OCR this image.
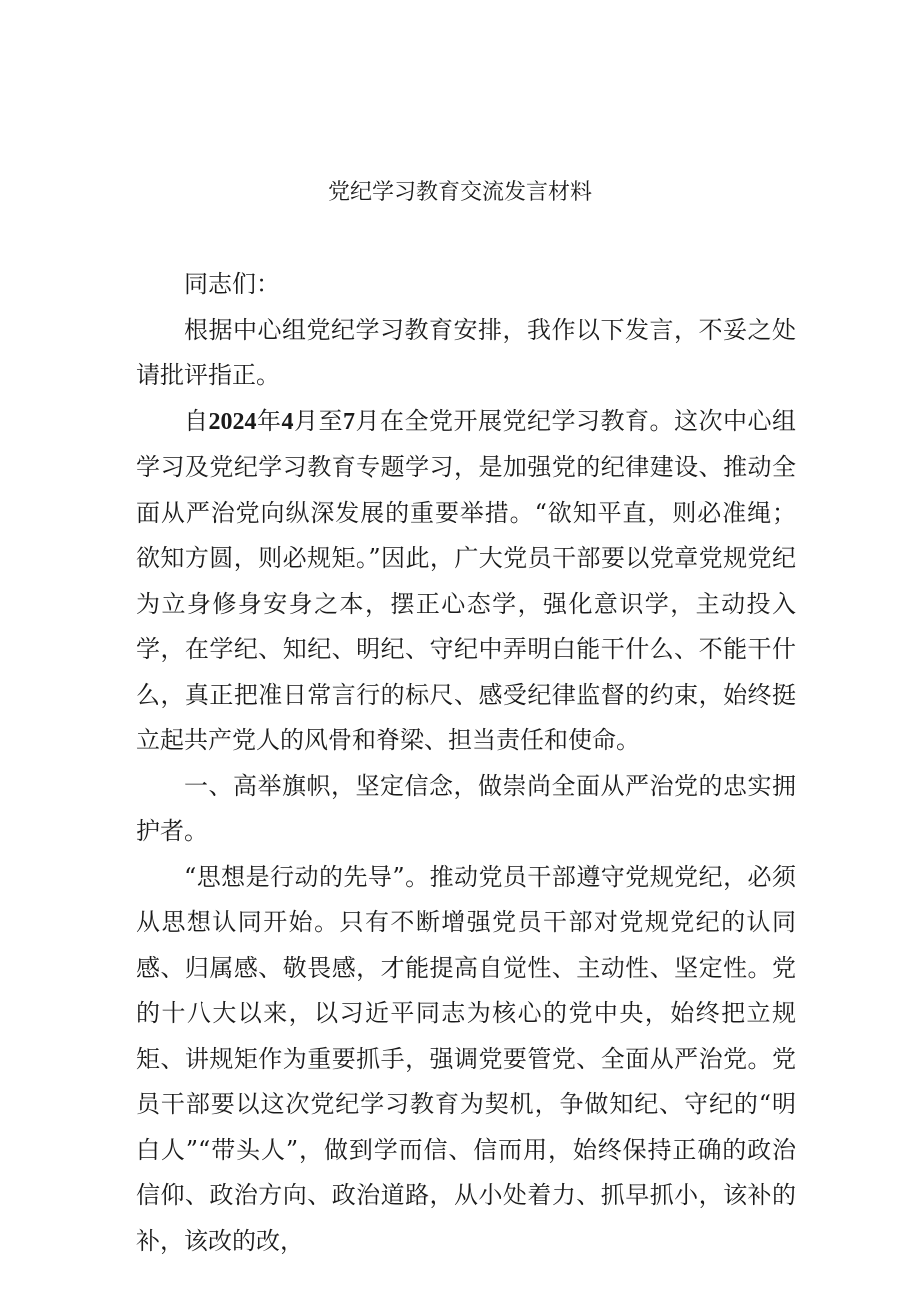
党纪学习教育交流发言材料

同志们：

根据中心组党纪学习教育安排，我作以下发言，不妥之处请批评指正。

自2024年4月至7月在全党开展党纪学习教育。这次中心组学习及党纪学习教育专题学习，是加强党的纪律建设、推动全面从严治党向纵深发展的重要举措。“欲知平直，则必准绳；欲知方圆，则必规矩。”因此，广大党员干部要以党章党规党纪为立身修身安身之本，摆正心态学，强化意识学，主动投入学，在学纪、知纪、明纪、守纪中弄明白能干什么、不能干什么，真正把准日常言行的标尺、感受纪律监督的约束，始终挺立起共产党人的风骨和脊梁、担当责任和使命。

一、高举旗帜，坚定信念，做崇尚全面从严治党的忠实拥护者。

“思想是行动的先导”。推动党员干部遵守党规党纪，必须从思想认同开始。只有不断增强党员干部对党规党纪的认同感、归属感、敬畏感，才能提高自觉性、主动性、坚定性。党的十八大以来，以习近平同志为核心的党中央，始终把立规矩、讲规矩作为重要抓手，强调党要管党、全面从严治党。党员干部要以这次党纪学习教育为契机，争做知纪、守纪的“明白人”“带头人”，做到学而信、信而用，始终保持正确的政治信仰、政治方向、政治道路，从小处着力、抓早抓小，该补的补，该改的改，
